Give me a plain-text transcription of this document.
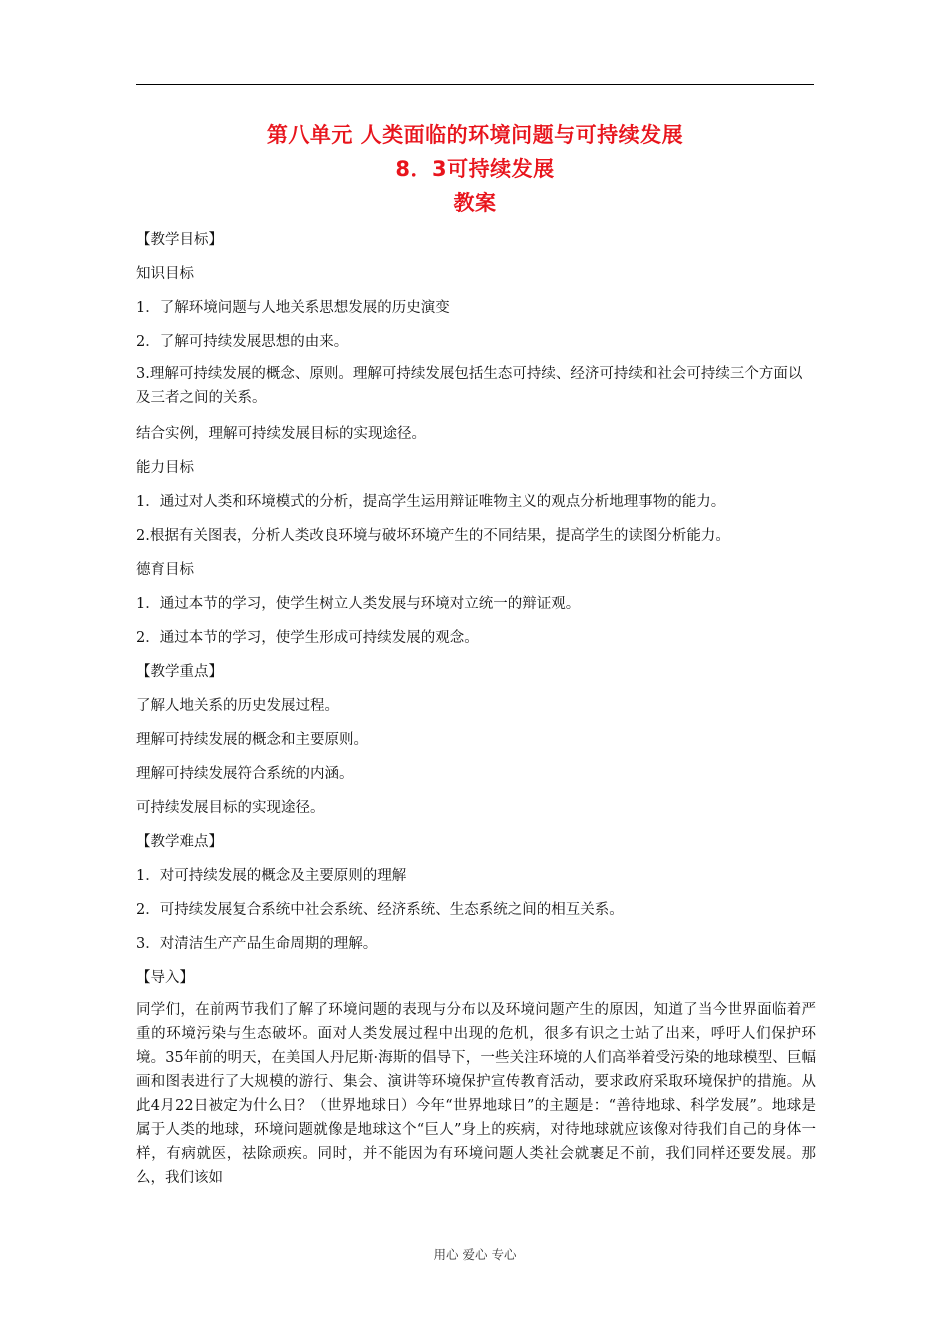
第八单元 人类面临的环境问题与可持续发展
8．3可持续发展
教案
【教学目标】
知识目标
1．了解环境问题与人地关系思想发展的历史演变
2．了解可持续发展思想的由来。
3.理解可持续发展的概念、原则。理解可持续发展包括生态可持续、经济可持续和社会可持续三个方面以及三者之间的关系。
结合实例，理解可持续发展目标的实现途径。
能力目标
1．通过对人类和环境模式的分析，提高学生运用辩证唯物主义的观点分析地理事物的能力。
2.根据有关图表，分析人类改良环境与破坏环境产生的不同结果，提高学生的读图分析能力。
德育目标
1．通过本节的学习，使学生树立人类发展与环境对立统一的辩证观。
2．通过本节的学习，使学生形成可持续发展的观念。
【教学重点】
了解人地关系的历史发展过程。
理解可持续发展的概念和主要原则。
理解可持续发展符合系统的内涵。
可持续发展目标的实现途径。
【教学难点】
1．对可持续发展的概念及主要原则的理解
2．可持续发展复合系统中社会系统、经济系统、生态系统之间的相互关系。
3．对清洁生产产品生命周期的理解。
【导入】
同学们，在前两节我们了解了环境问题的表现与分布以及环境问题产生的原因，知道了当今世界面临着严重的环境污染与生态破坏。面对人类发展过程中出现的危机，很多有识之士站了出来，呼吁人们保护环境。35年前的明天，在美国人丹尼斯·海斯的倡导下，一些关注环境的人们高举着受污染的地球模型、巨幅画和图表进行了大规模的游行、集会、演讲等环境保护宣传教育活动，要求政府采取环境保护的措施。从此4月22日被定为什么日？（世界地球日）今年“世界地球日”的主题是：“善待地球、科学发展”。地球是属于人类的地球，环境问题就像是地球这个“巨人”身上的疾病，对待地球就应该像对待我们自己的身体一样，有病就医，祛除顽疾。同时，并不能因为有环境问题人类社会就裹足不前，我们同样还要发展。那么，我们该如
用心 爱心 专心
